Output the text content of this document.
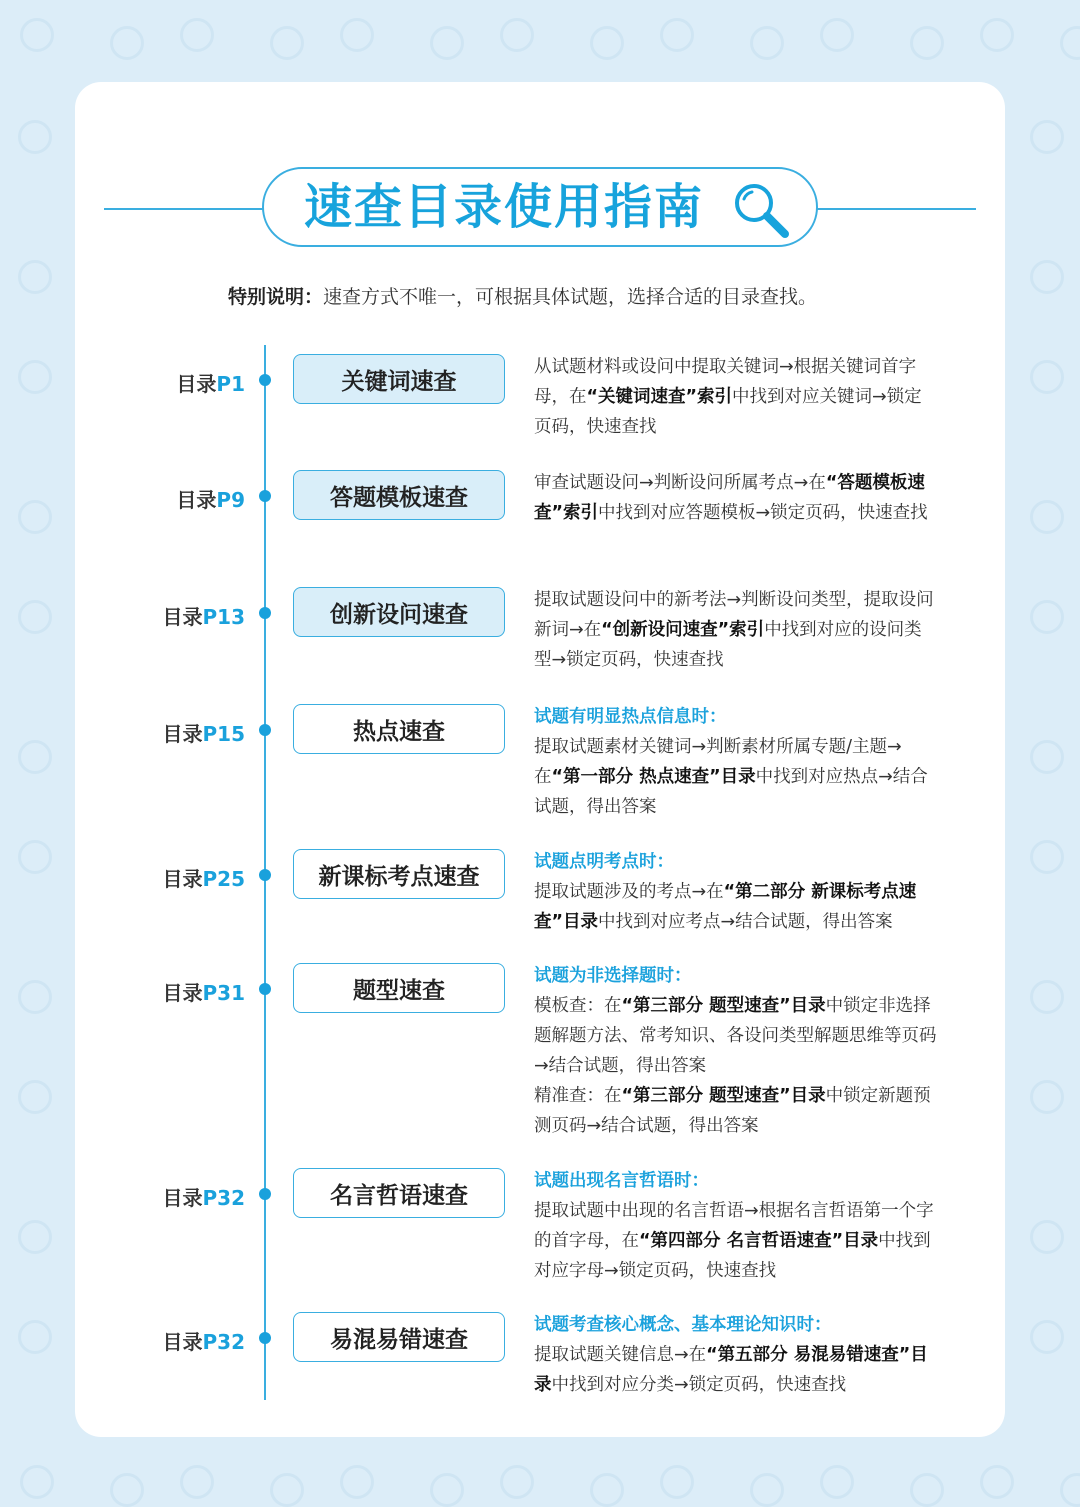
速查目录使用指南
特别说明：速查方式不唯一，可根据具体试题，选择合适的目录查找。
目录P1	关键词速查
从试题材料或设问中提取关键词→根据关键词首字母，在“关键词速查”索引中找到对应关键词→锁定页码，快速查找
目录P9	答题模板速查
审查试题设问→判断设问所属考点→在“答题模板速查”索引中找到对应答题模板→锁定页码，快速查找
目录P13	创新设问速查
提取试题设问中的新考法→判断设问类型，提取设问新词→在“创新设问速查”索引中找到对应的设问类型→锁定页码，快速查找
目录P15	热点速查
试题有明显热点信息时：
提取试题素材关键词→判断素材所属专题/主题→在“第一部分 热点速查”目录中找到对应热点→结合试题，得出答案
目录P25	新课标考点速查
试题点明考点时：
提取试题涉及的考点→在“第二部分 新课标考点速查”目录中找到对应考点→结合试题，得出答案
目录P31	题型速查
试题为非选择题时：
模板查：在“第三部分 题型速查”目录中锁定非选择题解题方法、常考知识、各设问类型解题思维等页码→结合试题，得出答案
精准查：在“第三部分 题型速查”目录中锁定新题预测页码→结合试题，得出答案
目录P32	名言哲语速查
试题出现名言哲语时：
提取试题中出现的名言哲语→根据名言哲语第一个字的首字母，在“第四部分 名言哲语速查”目录中找到对应字母→锁定页码，快速查找
目录P32	易混易错速查
试题考查核心概念、基本理论知识时：
提取试题关键信息→在“第五部分 易混易错速查”目录中找到对应分类→锁定页码，快速查找
